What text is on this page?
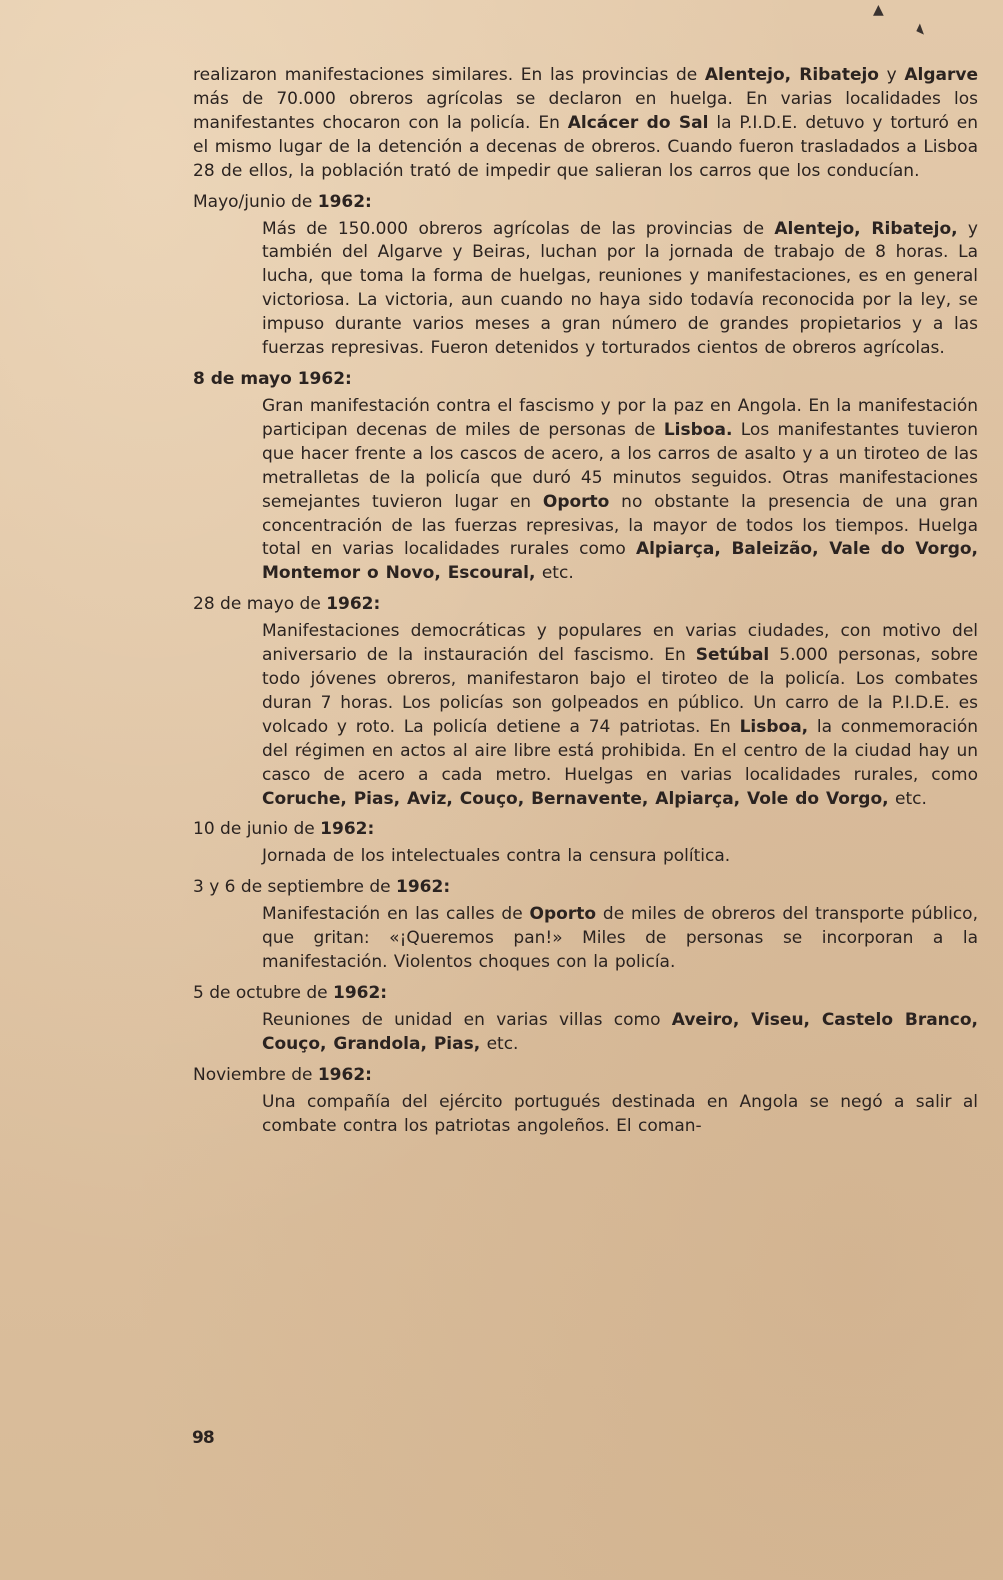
▲
◣

realizaron manifestaciones similares. En las provincias de Alentejo, Ribatejo y Algarve más de 70.000 obreros agrícolas se declaron en huelga. En varias localidades los manifestantes chocaron con la policía. En Alcácer do Sal la P.I.D.E. detuvo y torturó en el mismo lugar de la detención a decenas de obreros. Cuando fueron trasladados a Lisboa 28 de ellos, la población trató de impedir que salieran los carros que los conducían.

Mayo/junio de 1962:

Más de 150.000 obreros agrícolas de las provincias de Alentejo, Ribatejo, y también del Algarve y Beiras, luchan por la jornada de trabajo de 8 horas. La lucha, que toma la forma de huelgas, reuniones y manifestaciones, es en general victoriosa. La victoria, aun cuando no haya sido todavía reconocida por la ley, se impuso durante varios meses a gran número de grandes propietarios y a las fuerzas represivas. Fueron detenidos y torturados cientos de obreros agrícolas.

8 de mayo 1962:

Gran manifestación contra el fascismo y por la paz en Angola. En la manifestación participan decenas de miles de personas de Lisboa. Los manifestantes tuvieron que hacer frente a los cascos de acero, a los carros de asalto y a un tiroteo de las metralletas de la policía que duró 45 minutos seguidos. Otras manifestaciones semejantes tuvieron lugar en Oporto no obstante la presencia de una gran concentración de las fuerzas represivas, la mayor de todos los tiempos. Huelga total en varias localidades rurales como Alpiarça, Baleizão, Vale do Vorgo, Montemor o Novo, Escoural, etc.

28 de mayo de 1962:

Manifestaciones democráticas y populares en varias ciudades, con motivo del aniversario de la instauración del fascismo. En Setúbal 5.000 personas, sobre todo jóvenes obreros, manifestaron bajo el tiroteo de la policía. Los combates duran 7 horas. Los policías son golpeados en público. Un carro de la P.I.D.E. es volcado y roto. La policía detiene a 74 patriotas. En Lisboa, la conmemoración del régimen en actos al aire libre está prohibida. En el centro de la ciudad hay un casco de acero a cada metro. Huelgas en varias localidades rurales, como Coruche, Pias, Aviz, Couço, Bernavente, Alpiarça, Vole do Vorgo, etc.

10 de junio de 1962:

Jornada de los intelectuales contra la censura política.

3 y 6 de septiembre de 1962:

Manifestación en las calles de Oporto de miles de obreros del transporte público, que gritan: «¡Queremos pan!» Miles de personas se incorporan a la manifestación. Violentos choques con la policía.

5 de octubre de 1962:

Reuniones de unidad en varias villas como Aveiro, Viseu, Castelo Branco, Couço, Grandola, Pias, etc.

Noviembre de 1962:

Una compañía del ejército portugués destinada en Angola se negó a salir al combate contra los patriotas angoleños. El coman-

98
